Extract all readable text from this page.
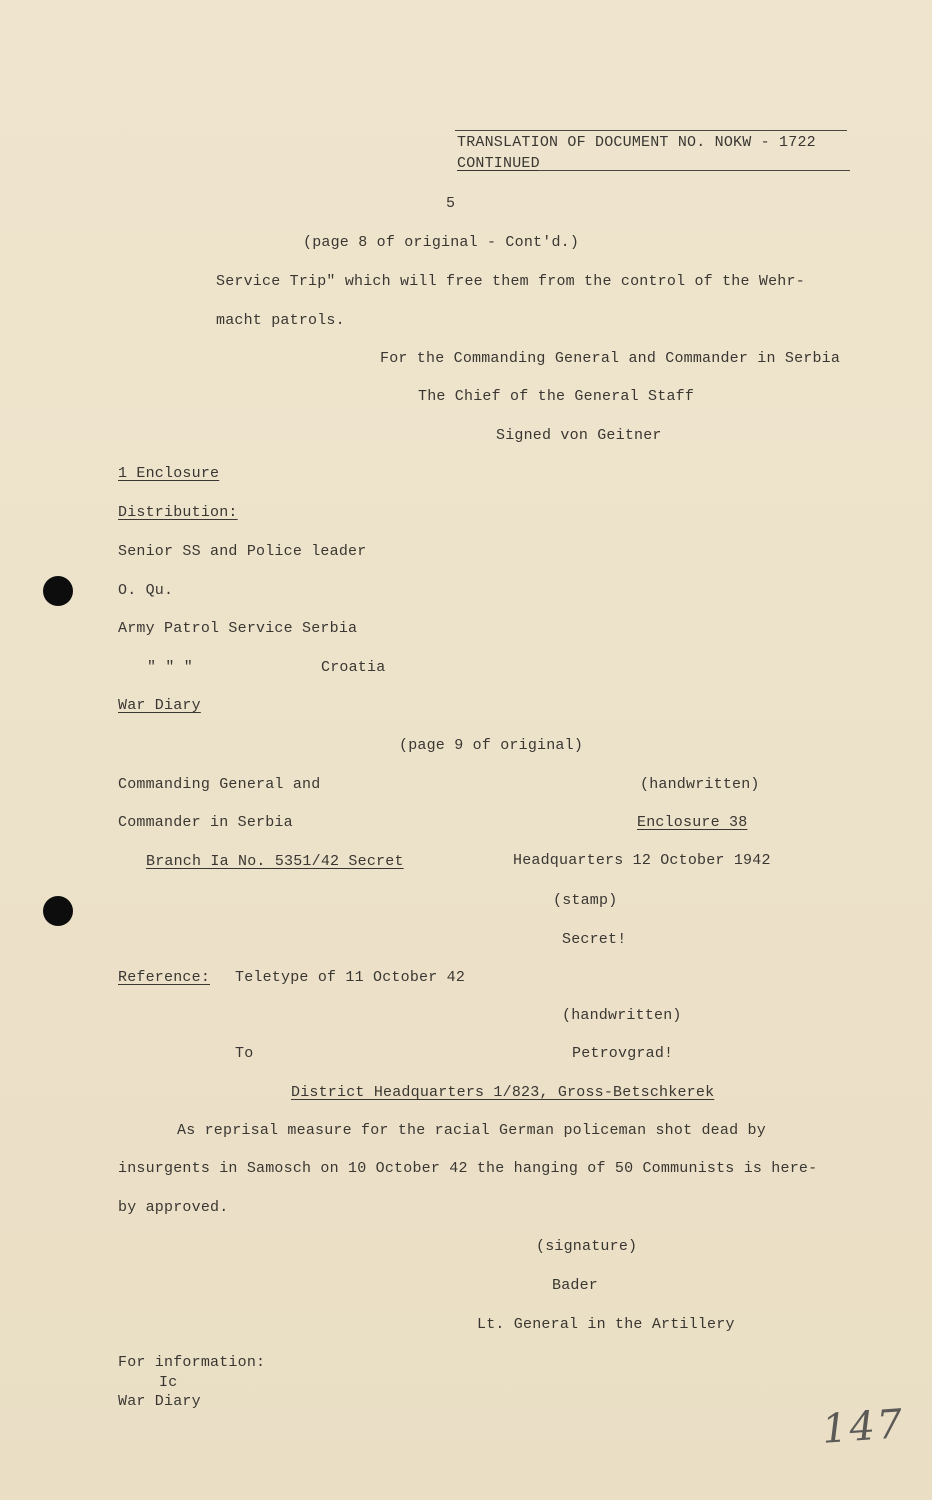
TRANSLATION OF DOCUMENT NO. NOKW - 1722
CONTINUED
5
(page 8 of original - Cont'd.)
Service Trip" which will free them from the control of the Wehr-
macht patrols.
For the Commanding General and Commander in Serbia
The Chief of the General Staff
Signed von Geitner
1 Enclosure
Distribution:
Senior SS and Police leader
O. Qu.
Army Patrol Service Serbia
" " "	Croatia
War Diary
(page 9 of original)
Commanding General and
Commander in Serbia
Branch Ia No. 5351/42 Secret
(handwritten)
Enclosure 38
Headquarters 12 October 1942
(stamp)
Secret!
Reference: Teletype of 11 October 42
(handwritten)
To	Petrovgrad!
District Headquarters 1/823, Gross-Betschkerek
As reprisal measure for the racial German policeman shot dead by
insurgents in Samosch on 10 October 42 the hanging of 50 Communists is here-
by approved.
(signature)
Bader
Lt. General in the Artillery
For information:
Ic
War Diary	147
